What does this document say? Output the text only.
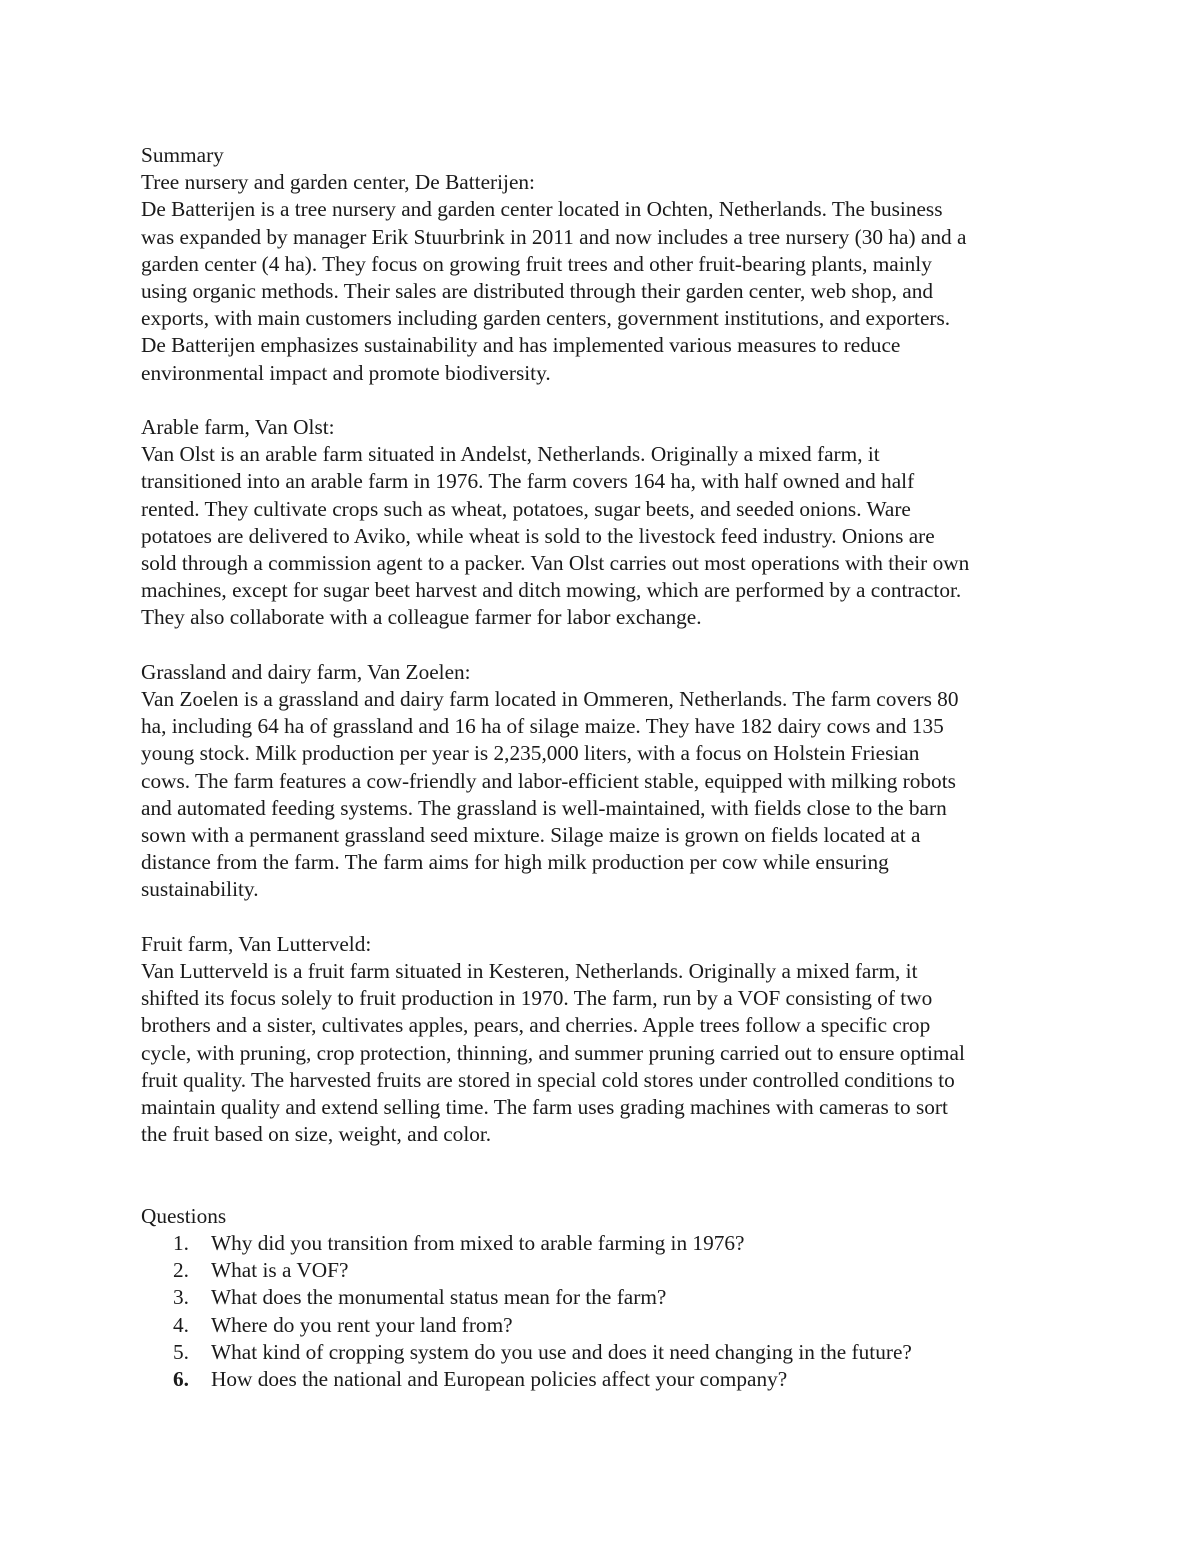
Summary

Tree nursery and garden center, De Batterijen:

De Batterijen is a tree nursery and garden center located in Ochten, Netherlands. The business

was expanded by manager Erik Stuurbrink in 2011 and now includes a tree nursery (30 ha) and a

garden center (4 ha). They focus on growing fruit trees and other fruit-bearing plants, mainly

using organic methods. Their sales are distributed through their garden center, web shop, and

exports, with main customers including garden centers, government institutions, and exporters.

De Batterijen emphasizes sustainability and has implemented various measures to reduce

environmental impact and promote biodiversity.

Arable farm, Van Olst:

Van Olst is an arable farm situated in Andelst, Netherlands. Originally a mixed farm, it

transitioned into an arable farm in 1976. The farm covers 164 ha, with half owned and half

rented. They cultivate crops such as wheat, potatoes, sugar beets, and seeded onions. Ware

potatoes are delivered to Aviko, while wheat is sold to the livestock feed industry. Onions are

sold through a commission agent to a packer. Van Olst carries out most operations with their own

machines, except for sugar beet harvest and ditch mowing, which are performed by a contractor.

They also collaborate with a colleague farmer for labor exchange.

Grassland and dairy farm, Van Zoelen:

Van Zoelen is a grassland and dairy farm located in Ommeren, Netherlands. The farm covers 80

ha, including 64 ha of grassland and 16 ha of silage maize. They have 182 dairy cows and 135

young stock. Milk production per year is 2,235,000 liters, with a focus on Holstein Friesian

cows. The farm features a cow-friendly and labor-efficient stable, equipped with milking robots

and automated feeding systems. The grassland is well-maintained, with fields close to the barn

sown with a permanent grassland seed mixture. Silage maize is grown on fields located at a

distance from the farm. The farm aims for high milk production per cow while ensuring

sustainability.

Fruit farm, Van Lutterveld:

Van Lutterveld is a fruit farm situated in Kesteren, Netherlands. Originally a mixed farm, it

shifted its focus solely to fruit production in 1970. The farm, run by a VOF consisting of two

brothers and a sister, cultivates apples, pears, and cherries. Apple trees follow a specific crop

cycle, with pruning, crop protection, thinning, and summer pruning carried out to ensure optimal

fruit quality. The harvested fruits are stored in special cold stores under controlled conditions to

maintain quality and extend selling time. The farm uses grading machines with cameras to sort

the fruit based on size, weight, and color.

Questions

1. Why did you transition from mixed to arable farming in 1976?
2. What is a VOF?
3. What does the monumental status mean for the farm?
4. Where do you rent your land from?
5. What kind of cropping system do you use and does it need changing in the future?
6. How does the national and European policies affect your company?
